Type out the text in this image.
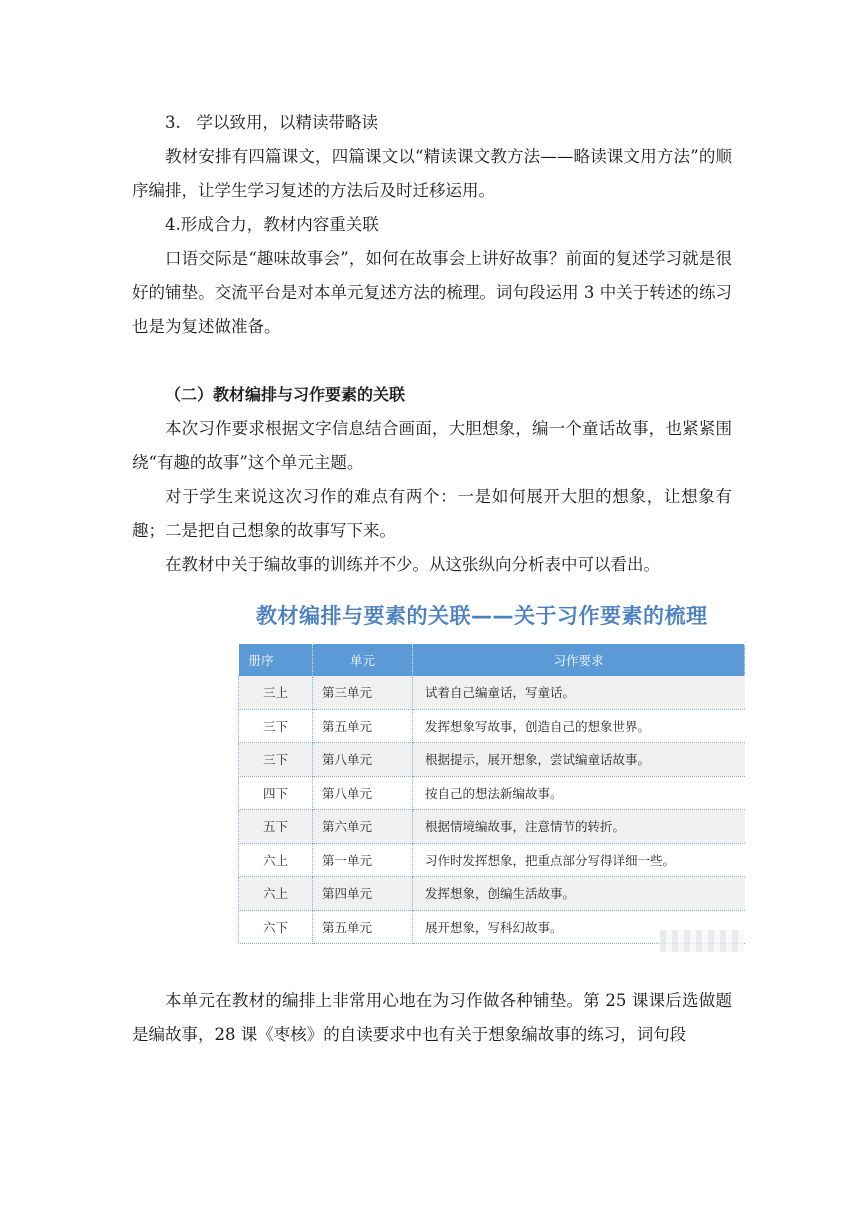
3.   学以致用，以精读带略读

教材安排有四篇课文，四篇课文以“精读课文教方法——略读课文用方法”的顺序编排，让学生学习复述的方法后及时迁移运用。

4.形成合力，教材内容重关联

口语交际是“趣味故事会”，如何在故事会上讲好故事？前面的复述学习就是很好的铺垫。交流平台是对本单元复述方法的梳理。词句段运用 3 中关于转述的练习也是为复述做准备。

（二）教材编排与习作要素的关联

本次习作要求根据文字信息结合画面，大胆想象，编一个童话故事，也紧紧围绕“有趣的故事”这个单元主题。

对于学生来说这次习作的难点有两个：一是如何展开大胆的想象，让想象有趣；二是把自己想象的故事写下来。

在教材中关于编故事的训练并不少。从这张纵向分析表中可以看出。

教材编排与要素的关联——关于习作要素的梳理
册序	单元	习作要求
三上	第三单元	试着自己编童话，写童话。
三下	第五单元	发挥想象写故事，创造自己的想象世界。
三下	第八单元	根据提示，展开想象，尝试编童话故事。
四下	第八单元	按自己的想法新编故事。
五下	第六单元	根据情境编故事，注意情节的转折。
六上	第一单元	习作时发挥想象，把重点部分写得详细一些。
六上	第四单元	发挥想象，创编生活故事。
六下	第五单元	展开想象，写科幻故事。

本单元在教材的编排上非常用心地在为习作做各种铺垫。第 25 课课后选做题是编故事，28 课《枣核》的自读要求中也有关于想象编故事的练习，词句段
